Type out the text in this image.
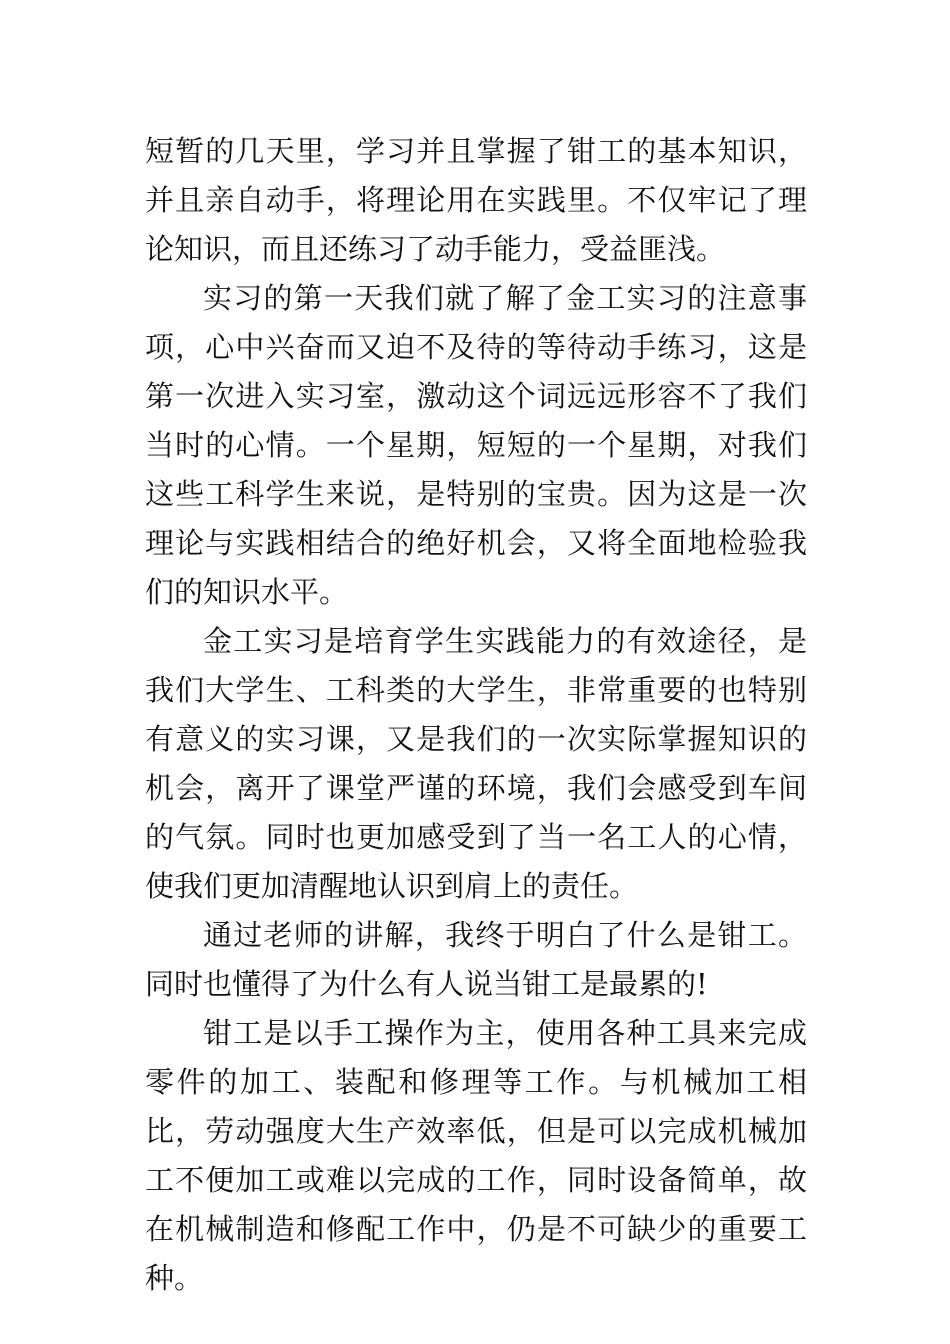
短暂的几天里，学习并且掌握了钳工的基本知识，并且亲自动手，将理论用在实践里。不仅牢记了理论知识，而且还练习了动手能力，受益匪浅。

实习的第一天我们就了解了金工实习的注意事项，心中兴奋而又迫不及待的等待动手练习，这是第一次进入实习室，激动这个词远远形容不了我们当时的心情。一个星期，短短的一个星期，对我们这些工科学生来说，是特别的宝贵。因为这是一次理论与实践相结合的绝好机会，又将全面地检验我们的知识水平。

金工实习是培育学生实践能力的有效途径，是我们大学生、工科类的大学生，非常重要的也特别有意义的实习课，又是我们的一次实际掌握知识的机会，离开了课堂严谨的环境，我们会感受到车间的气氛。同时也更加感受到了当一名工人的心情，使我们更加清醒地认识到肩上的责任。

通过老师的讲解，我终于明白了什么是钳工。同时也懂得了为什么有人说当钳工是最累的!

钳工是以手工操作为主，使用各种工具来完成零件的加工、装配和修理等工作。与机械加工相比，劳动强度大生产效率低，但是可以完成机械加工不便加工或难以完成的工作，同时设备简单，故在机械制造和修配工作中，仍是不可缺少的重要工种。
